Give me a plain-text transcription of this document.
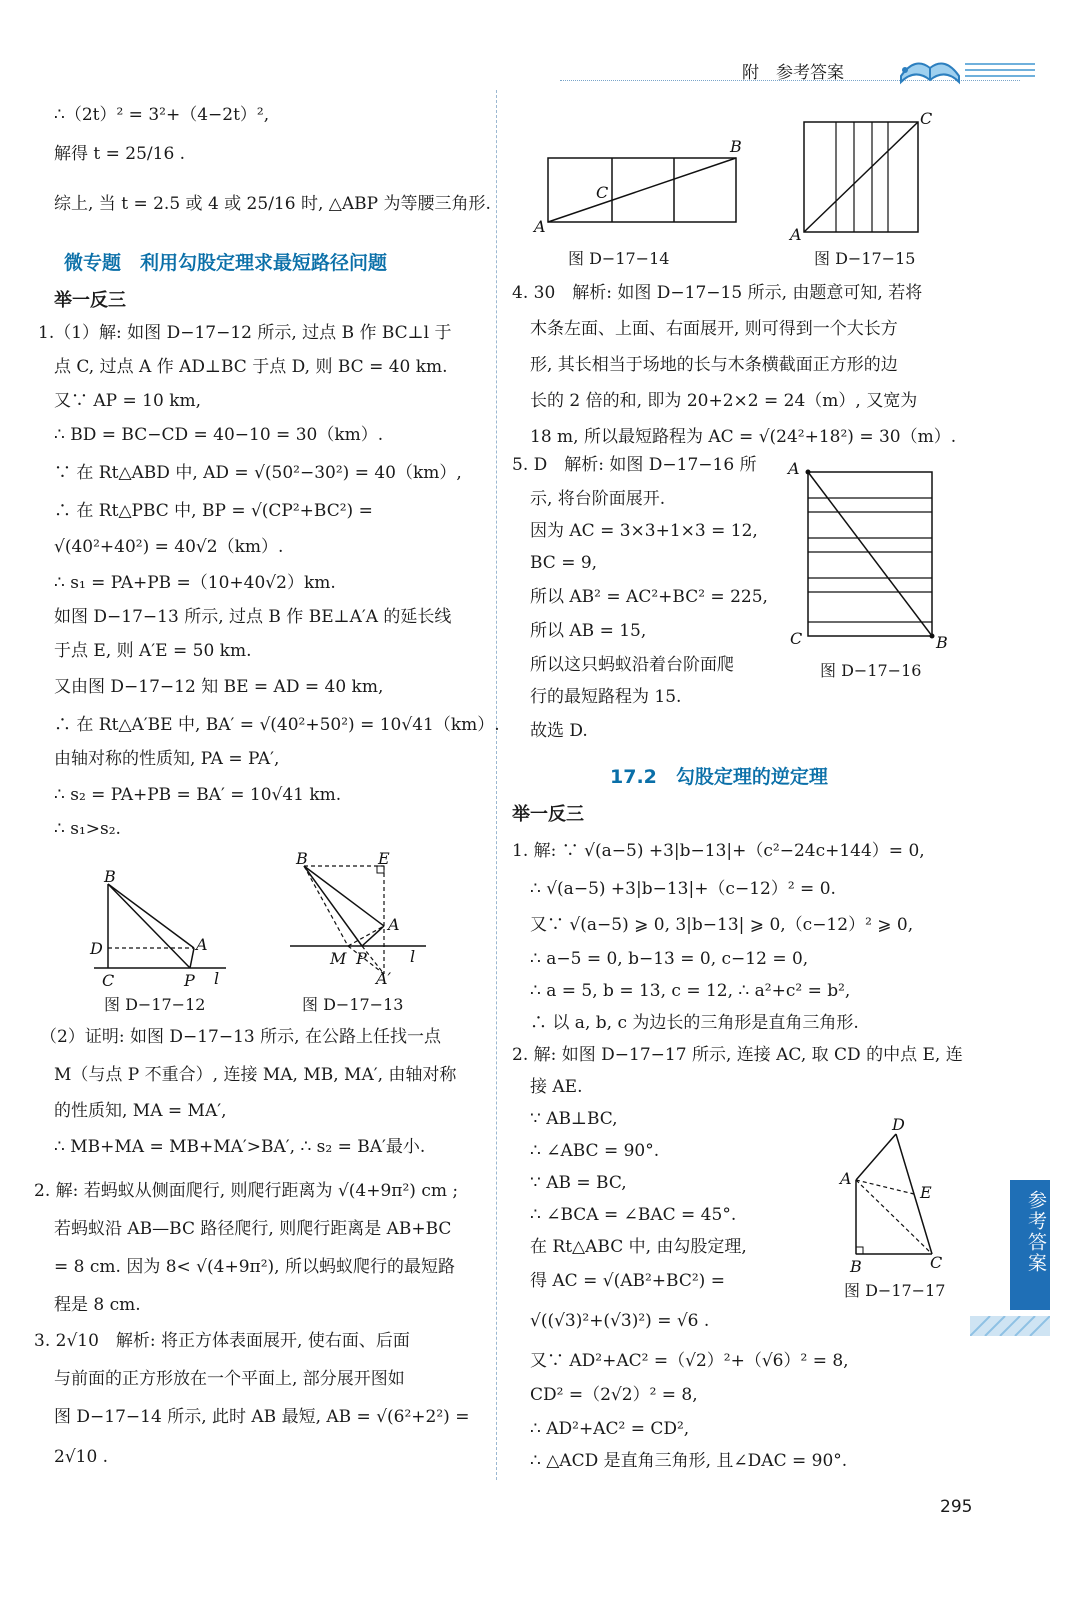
附　参考答案
∴（2t）² = 3²+（4−2t）²,
解得 t = 25/16 .
综上, 当 t = 2.5 或 4 或 25/16 时, △ABP 为等腰三角形.
微专题　利用勾股定理求最短路径问题
举一反三
1.（1）解: 如图 D−17−12 所示, 过点 B 作 BC⊥l 于
点 C, 过点 A 作 AD⊥BC 于点 D, 则 BC = 40 km.
又∵ AP = 10 km,
∴ BD = BC−CD = 40−10 = 30（km）.
∵ 在 Rt△ABD 中, AD = √(50²−30²) = 40（km）,
∴ 在 Rt△PBC 中, BP = √(CP²+BC²) =
√(40²+40²) = 40√2（km）.
∴ s₁ = PA+PB =（10+40√2）km.
如图 D−17−13 所示, 过点 B 作 BE⊥A′A 的延长线
于点 E, 则 A′E = 50 km.
又由图 D−17−12 知 BE = AD = 40 km,
∴ 在 Rt△A′BE 中, BA′ = √(40²+50²) = 10√41（km）.
由轴对称的性质知, PA = PA′,
∴ s₂ = PA+PB = BA′ = 10√41 km.
∴ s₁>s₂.
B
D	A
C	P l
图 D−17−12
B	E
A
M P
A′
l
图 D−17−13
（2）证明: 如图 D−17−13 所示, 在公路上任找一点
M（与点 P 不重合）, 连接 MA, MB, MA′, 由轴对称
的性质知, MA = MA′,
∴ MB+MA = MB+MA′>BA′, ∴ s₂ = BA′最小.
2. 解: 若蚂蚁从侧面爬行, 则爬行距离为 √(4+9π²) cm ;
若蚂蚁沿 AB—BC 路径爬行, 则爬行距离是 AB+BC
= 8 cm. 因为 8< √(4+9π²), 所以蚂蚁爬行的最短路
程是 8 cm.
3. 2√10　解析: 将正方体表面展开, 使右面、后面
与前面的正方形放在一个平面上, 部分展开图如
图 D−17−14 所示, 此时 AB 最短, AB = √(6²+2²) =
2√10 .
B
C
A
图 D−17−14
C
A
图 D−17−15
4. 30　解析: 如图 D−17−15 所示, 由题意可知, 若将
木条左面、上面、右面展开, 则可得到一个大长方
形, 其长相当于场地的长与木条横截面正方形的边
长的 2 倍的和, 即为 20+2×2 = 24（m）, 又宽为
18 m, 所以最短路程为 AC = √(24²+18²) = 30（m）.
5. D　解析: 如图 D−17−16 所
示, 将台阶面展开.
因为 AC = 3×3+1×3 = 12,
BC = 9,
所以 AB² = AC²+BC² = 225,
所以 AB = 15,
所以这只蚂蚁沿着台阶面爬
行的最短路程为 15.
故选 D.
A
C	B
图 D−17−16
17.2　勾股定理的逆定理
举一反三
1. 解: ∵ √(a−5) +3|b−13|+（c²−24c+144）= 0,
∴ √(a−5) +3|b−13|+（c−12）² = 0.
又∵ √(a−5) ⩾ 0, 3|b−13| ⩾ 0,（c−12）² ⩾ 0,
∴ a−5 = 0, b−13 = 0, c−12 = 0,
∴ a = 5, b = 13, c = 12, ∴ a²+c² = b²,
∴ 以 a, b, c 为边长的三角形是直角三角形.
2. 解: 如图 D−17−17 所示, 连接 AC, 取 CD 的中点 E, 连
接 AE.
∵ AB⊥BC,
∴ ∠ABC = 90°.
∵ AB = BC,
∴ ∠BCA = ∠BAC = 45°.
在 Rt△ABC 中, 由勾股定理,
得 AC = √(AB²+BC²) =
√((√3)²+(√3)²) = √6 .
又∵ AD²+AC² =（√2）²+（√6）² = 8,
CD² =（2√2）² = 8,
∴ AD²+AC² = CD²,
∴ △ACD 是直角三角形, 且∠DAC = 90°.
D
A
E
B	C
图 D−17−17
参考答案
295
